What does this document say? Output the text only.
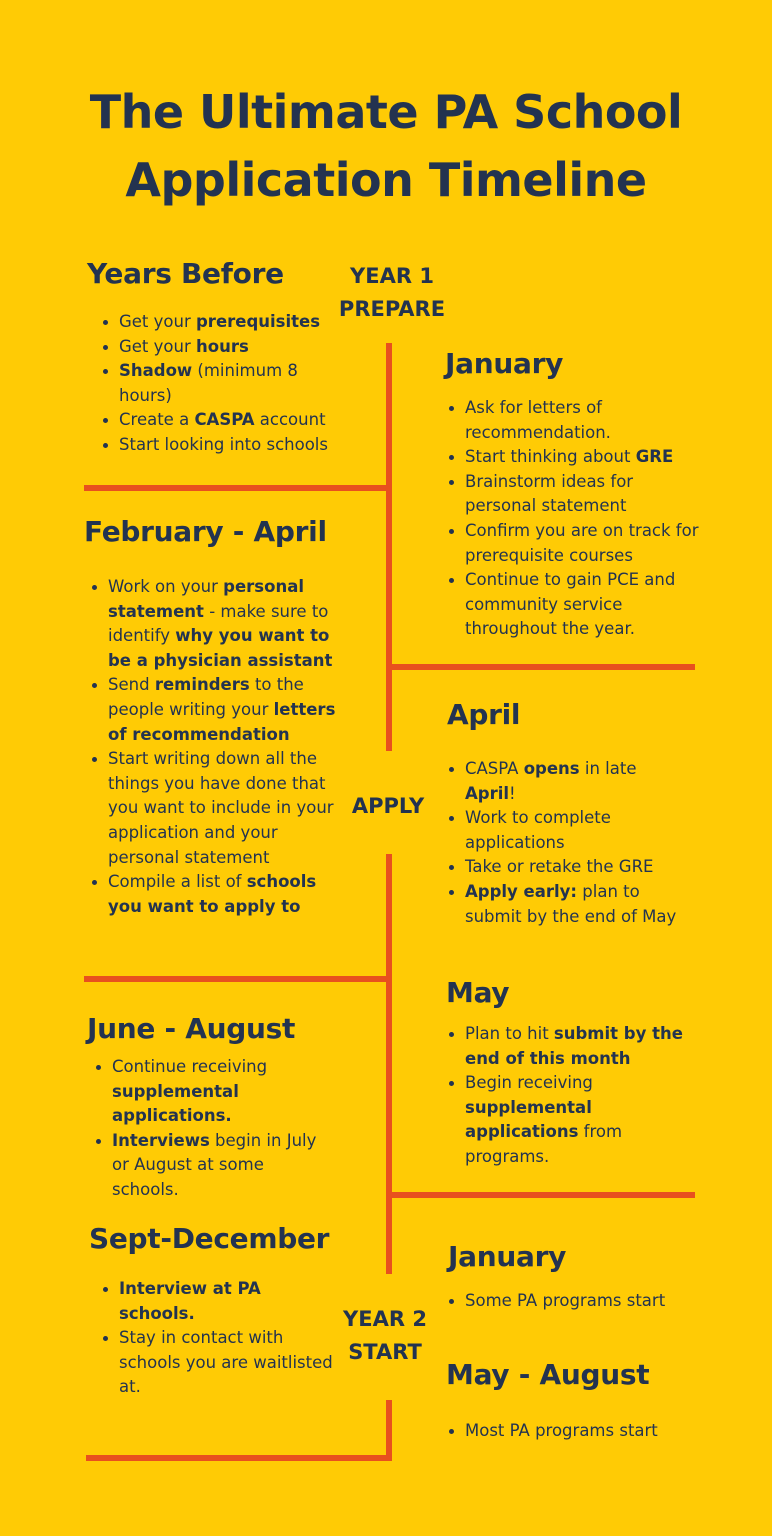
The Ultimate PA School
Application Timeline
YEAR 1
PREPARE
APPLY
YEAR 2
START
Years Before
Get your prerequisites
Get your hours
Shadow (minimum 8 hours)
Create a CASPA account
Start looking into schools
February - April
Work on your personal statement - make sure to identify why you want to be a physician assistant
Send reminders to the people writing your letters of recommendation
Start writing down all the things you have done that you want to include in your application and your personal statement
Compile a list of schools you want to apply to
June - August
Continue receiving supplemental applications.
Interviews begin in July or August at some schools.
Sept-December
Interview at PA schools.
Stay in contact with schools you are waitlisted at.
January
Ask for letters of recommendation.
Start thinking about GRE
Brainstorm ideas for personal statement
Confirm you are on track for prerequisite courses
Continue to gain PCE and community service throughout the year.
April
CASPA opens in late April!
Work to complete applications
Take or retake the GRE
Apply early: plan to submit by the end of May
May
Plan to hit submit by the end of this month
Begin receiving supplemental applications from programs.
January
Some PA programs start
May - August
Most PA programs start
